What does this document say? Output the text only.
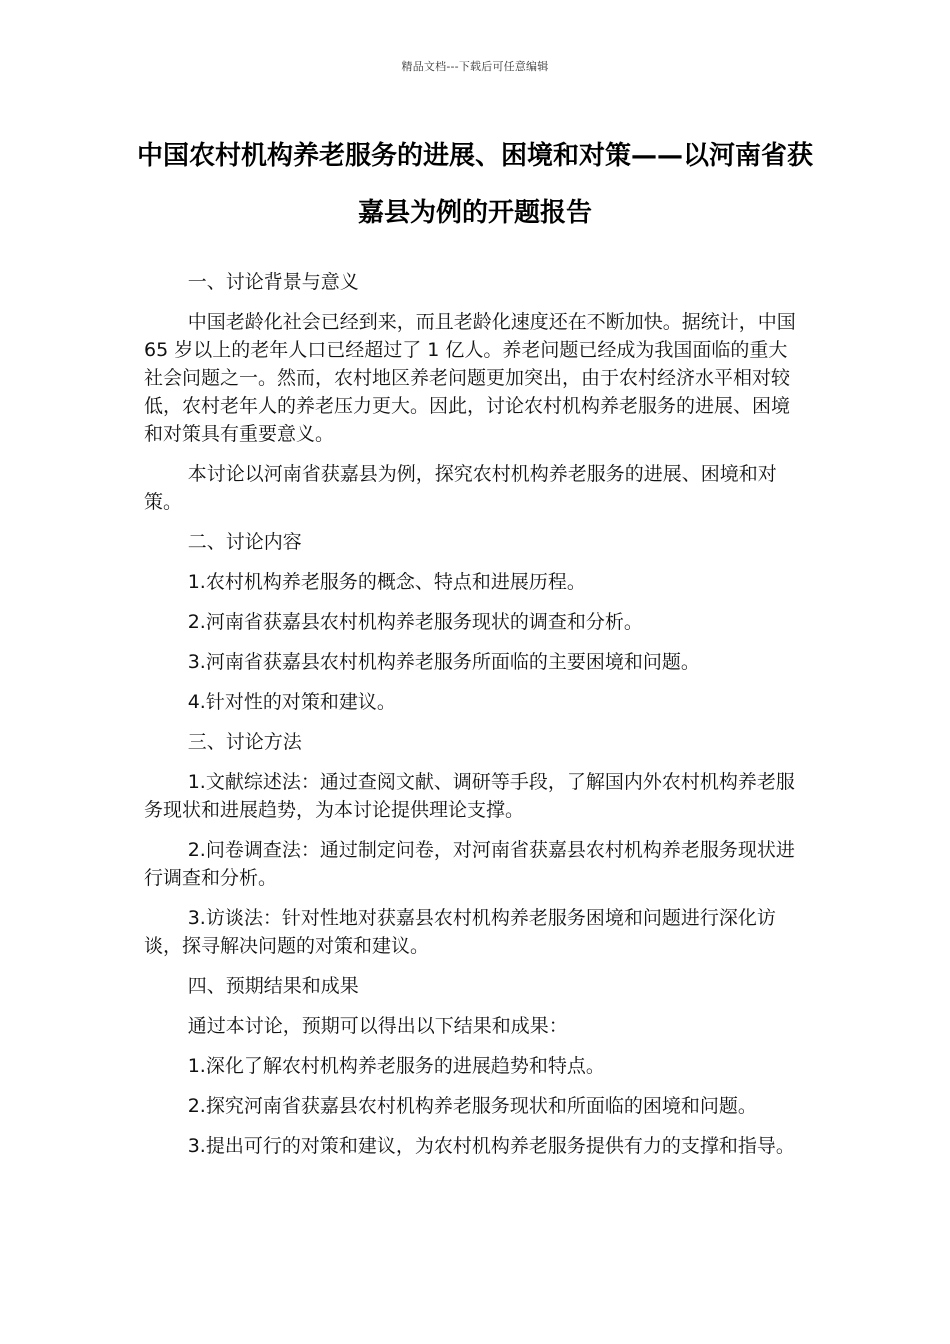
精品文档---下载后可任意编辑
中国农村机构养老服务的进展、困境和对策——以河南省获嘉县为例的开题报告

一、讨论背景与意义

中国老龄化社会已经到来，而且老龄化速度还在不断加快。据统计，中国 65 岁以上的老年人口已经超过了 1 亿人。养老问题已经成为我国面临的重大社会问题之一。然而，农村地区养老问题更加突出，由于农村经济水平相对较低，农村老年人的养老压力更大。因此，讨论农村机构养老服务的进展、困境和对策具有重要意义。

本讨论以河南省获嘉县为例，探究农村机构养老服务的进展、困境和对策。

二、讨论内容

1.农村机构养老服务的概念、特点和进展历程。

2.河南省获嘉县农村机构养老服务现状的调查和分析。

3.河南省获嘉县农村机构养老服务所面临的主要困境和问题。

4.针对性的对策和建议。

三、讨论方法

1.文献综述法：通过查阅文献、调研等手段，了解国内外农村机构养老服务现状和进展趋势，为本讨论提供理论支撑。

2.问卷调查法：通过制定问卷，对河南省获嘉县农村机构养老服务现状进行调查和分析。

3.访谈法：针对性地对获嘉县农村机构养老服务困境和问题进行深化访谈，探寻解决问题的对策和建议。

四、预期结果和成果

通过本讨论，预期可以得出以下结果和成果：

1.深化了解农村机构养老服务的进展趋势和特点。

2.探究河南省获嘉县农村机构养老服务现状和所面临的困境和问题。

3.提出可行的对策和建议，为农村机构养老服务提供有力的支撑和指导。
